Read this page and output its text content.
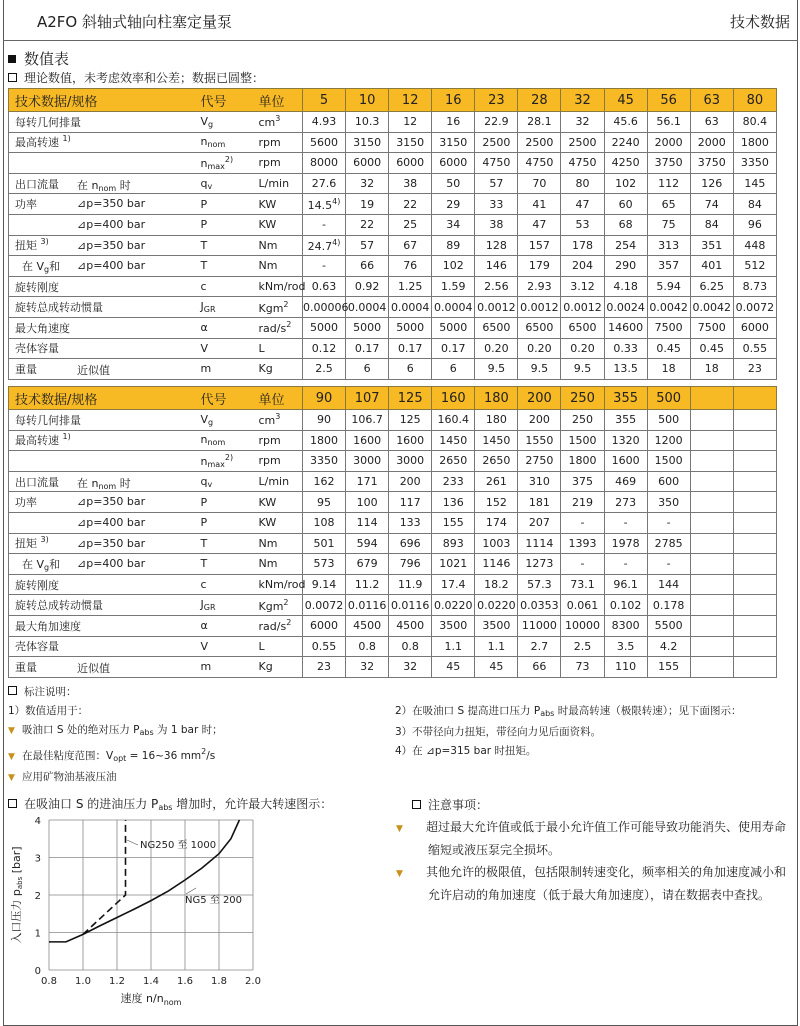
A2FO 斜轴式轴向柱塞定量泵	技术数据
数值表
理论数值，未考虑效率和公差；数据已圆整：
技术数据/规格	代号	单位	5	10	12	16	23	28	32	45	56	63	80
每转几何排量	$V_g$	$cm^3$	4.93	10.3	12	16	22.9	28.1	32	45.6	56.1	63	80.4
最高转速 $^{1)}$	$n_{nom}$	rpm	5600	3150	3150	3150	2500	2500	2500	2240	2000	2000	1800
	$n_{max}^{2)}$	rpm	8000	6000	6000	6000	4750	4750	4750	4250	3750	3750	3350
出口流量 在 $n_{nom}$ 时	$q_v$	L/min	27.6	32	38	50	57	70	80	102	112	126	145
功率 ⊿p=350 bar	P	KW	14.5$^{4)}$	19	22	29	33	41	47	60	65	74	84

⊿p=400 bar	P	KW	-	22	25	34	38	47	53	68	75	84	96
扭矩 $^{3)}$ ⊿p=350 bar	T	Nm	24.7$^{4)}$	57	67	89	128	157	178	254	313	351	448
在 $V_g$和 ⊿p=400 bar	T	Nm	-	66	76	102	146	179	204	290	357	401	512
旋转刚度	c	kNm/rod	0.63	0.92	1.25	1.59	2.56	2.93	3.12	4.18	5.94	6.25	8.73
旋转总成转动惯量	$J_{GR}$	Kgm$^2$	0.00006	0.0004	0.0004	0.0004	0.0012	0.0012	0.0012	0.0024	0.0042	0.0042	0.0072
最大角速度	α	rad/$s^2$	5000	5000	5000	5000	6500	6500	6500	14600	7500	7500	6000
壳体容量	V	L	0.12	0.17	0.17	0.17	0.20	0.20	0.20	0.33	0.45	0.45	0.55
重量 近似值	m	Kg	2.5	6	6	6	9.5	9.5	9.5	13.5	18	18	23
技术数据/规格	代号	单位	90	107	125	160	180	200	250	355	500		
每转几何排量	$V_g$	$cm^3$	90	106.7	125	160.4	180	200	250	355	500		
最高转速 $^{1)}$	$n_{nom}$	rpm	1800	1600	1600	1450	1450	1550	1500	1320	1200		
	$n_{max}^{2)}$	rpm	3350	3000	3000	2650	2650	2750	1800	1600	1500		
出口流量 在 $n_{nom}$ 时	$q_v$	L/min	162	171	200	233	261	310	375	469	600		
功率 ⊿p=350 bar	P	KW	95	100	117	136	152	181	219	273	350		

⊿p=400 bar	P	KW	108	114	133	155	174	207	-	-	-		
扭矩 $^{3)}$ ⊿p=350 bar	T	Nm	501	594	696	893	1003	1114	1393	1978	2785		
在 $V_g$和 ⊿p=400 bar	T	Nm	573	679	796	1021	1146	1273	-	-	-		
旋转刚度	c	kNm/rod	9.14	11.2	11.9	17.4	18.2	57.3	73.1	96.1	144		
旋转总成转动惯量	$J_{GR}$	Kgm$^2$	0.0072	0.0116	0.0116	0.0220	0.0220	0.0353	0.061	0.102	0.178		
最大角加速度	α	rad/$s^2$	6000	4500	4500	3500	3500	11000	10000	8300	5500		
壳体容量	V	L	0.55	0.8	0.8	1.1	1.1	2.7	2.5	3.5	4.2		
重量 近似值	m	Kg	23	32	32	45	45	66	73	110	155		
标注说明：
1）数值适用于：
▼ 吸油口 S 处的绝对压力 $P_{abs}$ 为 1 bar 时；
▼ 在最佳粘度范围：$V_{opt}$ = 16~36 $mm^2/s$
▼ 应用矿物油基液压油
2）在吸油口 S 提高进口压力 $P_{abs}$ 时最高转速（极限转速）；见下面图示：
3）不带径向力扭矩，带径向力见后面资料。
4）在 ⊿p=315 bar 时扭矩。
在吸油口 S 的进油压力 $P_{abs}$ 增加时，允许最大转速图示：
0.8 1.0 1.2 1.4 1.6 1.8 2.0
0
1
2
3
4
NG250 至 1000
NG5 至 200
速度 $n/n_{nom}$
入口压力 pabs [bar]
注意事项：
▼ 超过最大允许值或低于最小允许值工作可能导致功能消失、使用寿命缩短或液压泵完全损坏。
▼ 其他允许的极限值，包括限制转速变化，频率相关的角加速度减小和允许启动的角加速度（低于最大角加速度），请在数据表中查找。
